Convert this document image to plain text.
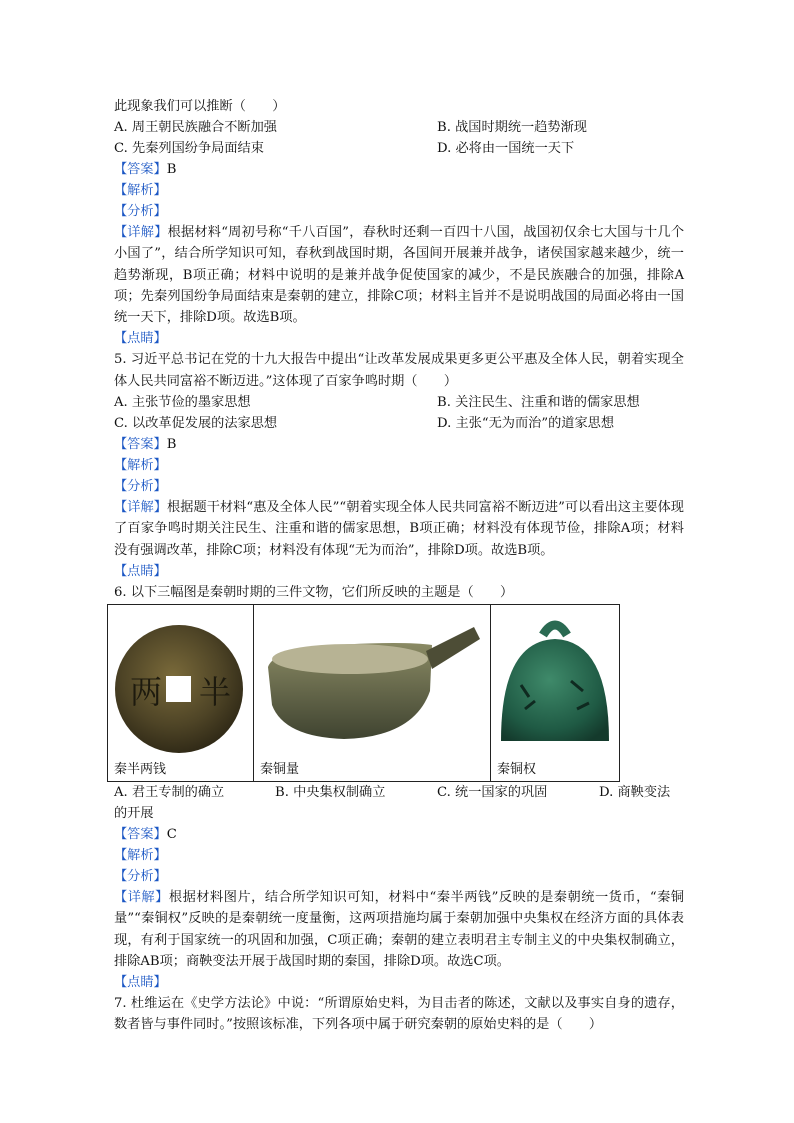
此现象我们可以推断（　　）
A. 周王朝民族融合不断加强	B. 战国时期统一趋势渐现
C. 先秦列国纷争局面结束	D. 必将由一国统一天下
【答案】B
【解析】
【分析】
【详解】根据材料“周初号称“千八百国”，春秋时还剩一百四十八国，战国初仅余七大国与十几个小国了”，结合所学知识可知，春秋到战国时期，各国间开展兼并战争，诸侯国家越来越少，统一趋势渐现，B项正确；材料中说明的是兼并战争促使国家的减少，不是民族融合的加强，排除A项；先秦列国纷争局面结束是秦朝的建立，排除C项；材料主旨并不是说明战国的局面必将由一国统一天下，排除D项。故选B项。
【点睛】
5. 习近平总书记在党的十九大报告中提出“让改革发展成果更多更公平惠及全体人民，朝着实现全体人民共同富裕不断迈进。”这体现了百家争鸣时期（　　）
A. 主张节俭的墨家思想	B. 关注民生、注重和谐的儒家思想
C. 以改革促发展的法家思想	D. 主张“无为而治”的道家思想
【答案】B
【解析】
【分析】
【详解】根据题干材料“惠及全体人民”“朝着实现全体人民共同富裕不断迈进”可以看出这主要体现了百家争鸣时期关注民生、注重和谐的儒家思想，B项正确；材料没有体现节俭，排除A项；材料没有强调改革，排除C项；材料没有体现“无为而治”，排除D项。故选B项。
【点睛】
6. 以下三幅图是秦朝时期的三件文物，它们所反映的主题是（　　）
两 半
秦半两钱	秦铜量	秦铜权
A. 君王专制的确立	B. 中央集权制确立	C. 统一国家的巩固	D. 商鞅变法
的开展
【答案】C
【解析】
【分析】
【详解】根据材料图片，结合所学知识可知，材料中“秦半两钱”反映的是秦朝统一货币，“秦铜量”“秦铜权”反映的是秦朝统一度量衡，这两项措施均属于秦朝加强中央集权在经济方面的具体表现，有利于国家统一的巩固和加强，C项正确；秦朝的建立表明君主专制主义的中央集权制确立，排除AB项；商鞅变法开展于战国时期的秦国，排除D项。故选C项。
【点睛】
7. 杜维运在《史学方法论》中说：“所谓原始史料，为目击者的陈述，文献以及事实自身的遗存，数者皆与事件同时。”按照该标准，下列各项中属于研究秦朝的原始史料的是（　　）
